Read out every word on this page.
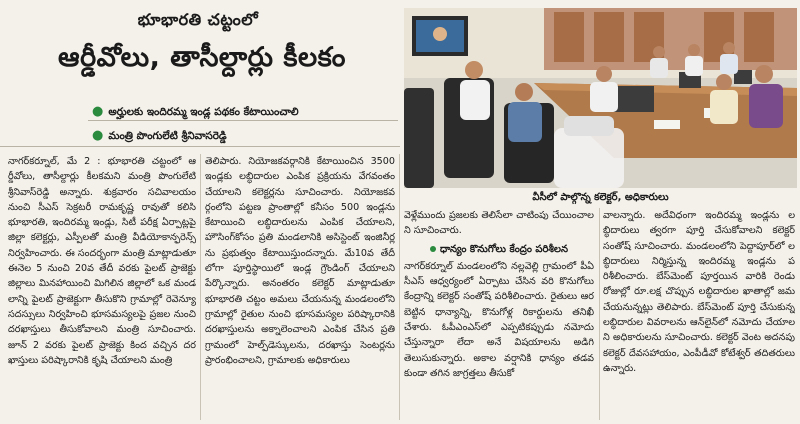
భూభారతి చట్టంలో
ఆర్డీవోలు, తాసీల్దార్లు కీలకం
● అర్హులకు ఇందిరమ్మ ఇండ్ల పథకం కేటాయించాలి
● మంత్రి పొంగులేటి శ్రీనివాసరెడ్డి
వీసీలో పాల్గొన్న కలెక్టర్, అధికారులు
నాగర్‌కర్నూల్, మే 2 : భూభారతి చట్టంలో ఆర్డీవోలు, తాసీల్దార్లు కీలకమని మంత్రి పొంగులేటి శ్రీనివాస్‌రెడ్డి అన్నారు. శుక్రవారం సచివాలయం నుంచి సీఎస్ సెక్రటరీ రామకృష్ణ రావుతో కలిసి భూభారతి, ఇందిరమ్మ ఇండ్లు, సిటీ పరీక్ష ఏర్పాట్లపై జిల్లా కలెక్టర్లు, ఎస్పీలతో మంత్రి వీడియోకాన్ఫరెన్స్ నిర్వహించారు. ఈ సందర్భంగా మంత్రి మాట్లాడుతూ ఈనెల 5 నుంచి 20వ తేదీ వరకు పైలట్ ప్రాజెక్టు జిల్లాలు మినహాయించి మిగిలిన జిల్లాలో ఒక మండలాన్ని పైలట్ ప్రాజెక్టుగా తీసుకొని గ్రామాల్లో రెవెన్యూ సదస్సులు నిర్వహించి భూసమస్యలపై ప్రజల నుంచి దరఖాస్తులు తీసుకోవాలని మంత్రి సూచించారు. జూన్ 2 వరకు పైలట్ ప్రాజెక్టు కింద వచ్చిన దరఖాస్తులు పరిష్కారానికి కృషి చేయాలని మంత్రి
తెలిపారు. నియోజకవర్గానికి కేటాయించిన 3500 ఇండ్లకు లబ్ధిదారుల ఎంపిక ప్రక్రియను వేగవంతం చేయాలని కలెక్టర్లను సూచించారు. నియోజకవర్గంలోని పట్టణ ప్రాంతాల్లో కనీసం 500 ఇండ్లను కేటాయించి లబ్ధిదారులను ఎంపిక చేయాలని, హౌసింగ్‌కోసం ప్రతి మండలానికి అసిస్టెంట్ ఇంజినీర్లను ప్రభుత్వం కేటాయిస్తుందన్నారు. మే10వ తేదీ లోగా పూర్తిస్థాయిలో ఇండ్ల గ్రౌండింగ్ చేయాలని పేర్కొన్నారు. అనంతరం కలెక్టర్ మాట్లాడుతూ భూభారతి చట్టం అమలు చేయనున్న మండలంలోని గ్రామాల్లో రైతుల నుంచి భూసమస్యల పరిష్కారానికి దరఖాస్తులను అక్నాలెంచాలని ఎంపిక చేసిన ప్రతి గ్రామంలో హెల్ప్‌డెస్కులను, దరఖాస్తు సెంటర్లను ప్రారంభించాలని, గ్రామాలకు అధికారులు
వెళ్లేముందు ప్రజలకు తెలిసేలా చాటింపు చేయించాలని సూచించారు.
ధాన్యం కొనుగోలు కేంద్రం పరిశీలన
నాగర్‌కర్నూల్ మండలంలోని నల్లవెల్లి గ్రామంలో పీఏసీఎస్ ఆధ్వర్యంలో ఏర్పాటు చేసిన వరి కొనుగోలు కేంద్రాన్ని కలెక్టర్ సంతోష్ పరిశీలించారు. రైతులు ఆరబెట్టిన ధాన్యాన్ని, కొనుగోళ్ల రికార్డులను తనిఖీ చేశారు. ఓపీఎంఎస్‌లో ఎప్పటికప్పుడు నమోదు చేస్తున్నారా లేదా అనే విషయాలను అడిగి తెలుసుకున్నారు. అకాల వర్షానికి ధాన్యం తడవకుండా తగిన జాగ్రత్తలు తీసుకో
వాలన్నారు. అదేవిధంగా ఇందిరమ్మ ఇండ్లను లబ్ధిదారులు త్వరగా పూర్తి చేసుకోవాలని కలెక్టర్ సంతోష్ సూచించారు. మండలంలోని పెద్దాపూర్‌లో లబ్ధిదారులు నిర్మిస్తున్న ఇందిరమ్మ ఇండ్లను పరిశీలించారు. బేస్‌మెంట్ పూర్తయిన వారికి రెండు రోజుల్లో రూ.లక్ష చొప్పున లబ్ధిదారుల ఖాతాల్లో జమ చేయనున్నట్లు తెలిపారు. బేస్‌మెంట్ పూర్తి చేసుకున్న లబ్ధిదారుల వివరాలను ఆన్‌లైన్‌లో నమోదు చేయాలని అధికారులను సూచించారు. కలెక్టర్ వెంట అదనపు కలెక్టర్ దేవసహాయం, ఎంపీడీవో కోటేశ్వర్ తదితరులు ఉన్నారు.
